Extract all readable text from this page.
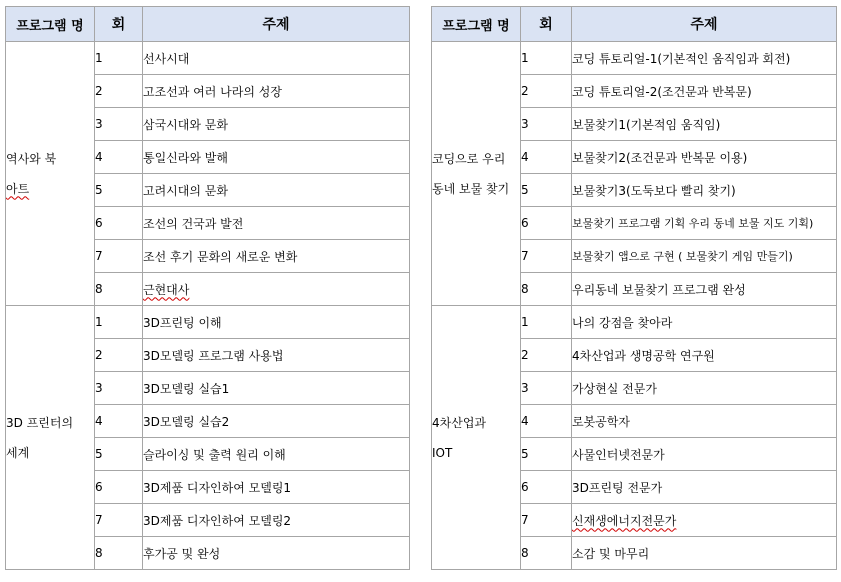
프로그램 명	회	주제
역사와 북
아트	1	선사시대
	2	고조선과 여러 나라의 성장
	3	삼국시대와 문화
	4	통일신라와 발해
	5	고려시대의 문화
	6	조선의 건국과 발전
	7	조선 후기 문화의 새로운 변화
	8	근현대사
3D 프린터의
세계	1	3D프린팅 이해
	2	3D모델링 프로그램 사용법
	3	3D모델링 실습1
	4	3D모델링 실습2
	5	슬라이싱 및 출력 원리 이해
	6	3D제품 디자인하여 모델링1
	7	3D제품 디자인하여 모델링2
	8	후가공 및 완성
프로그램 명	회	주제
코딩으로 우리
동네 보물 찾기	1	코딩 튜토리얼-1(기본적인 움직임과 회전)
	2	코딩 튜토리얼-2(조건문과 반복문)
	3	보물찾기1(기본적임 움직임)
	4	보물찾기2(조건문과 반복문 이용)
	5	보물찾기3(도둑보다 빨리 찾기)
	6	보물찾기 프로그램 기획 우리 동네 보물 지도 기획)
	7	보물찾기 앱으로 구현 ( 보물찾기 게임 만들기)
	8	우리동네 보물찾기 프로그램 완성
4차산업과
IOT	1	나의 강점을 찾아라
	2	4차산업과 생명공학 연구원
	3	가상현실 전문가
	4	로봇공학자
	5	사물인터넷전문가
	6	3D프린팅 전문가
	7	신재생에너지전문가
	8	소감 및 마무리
